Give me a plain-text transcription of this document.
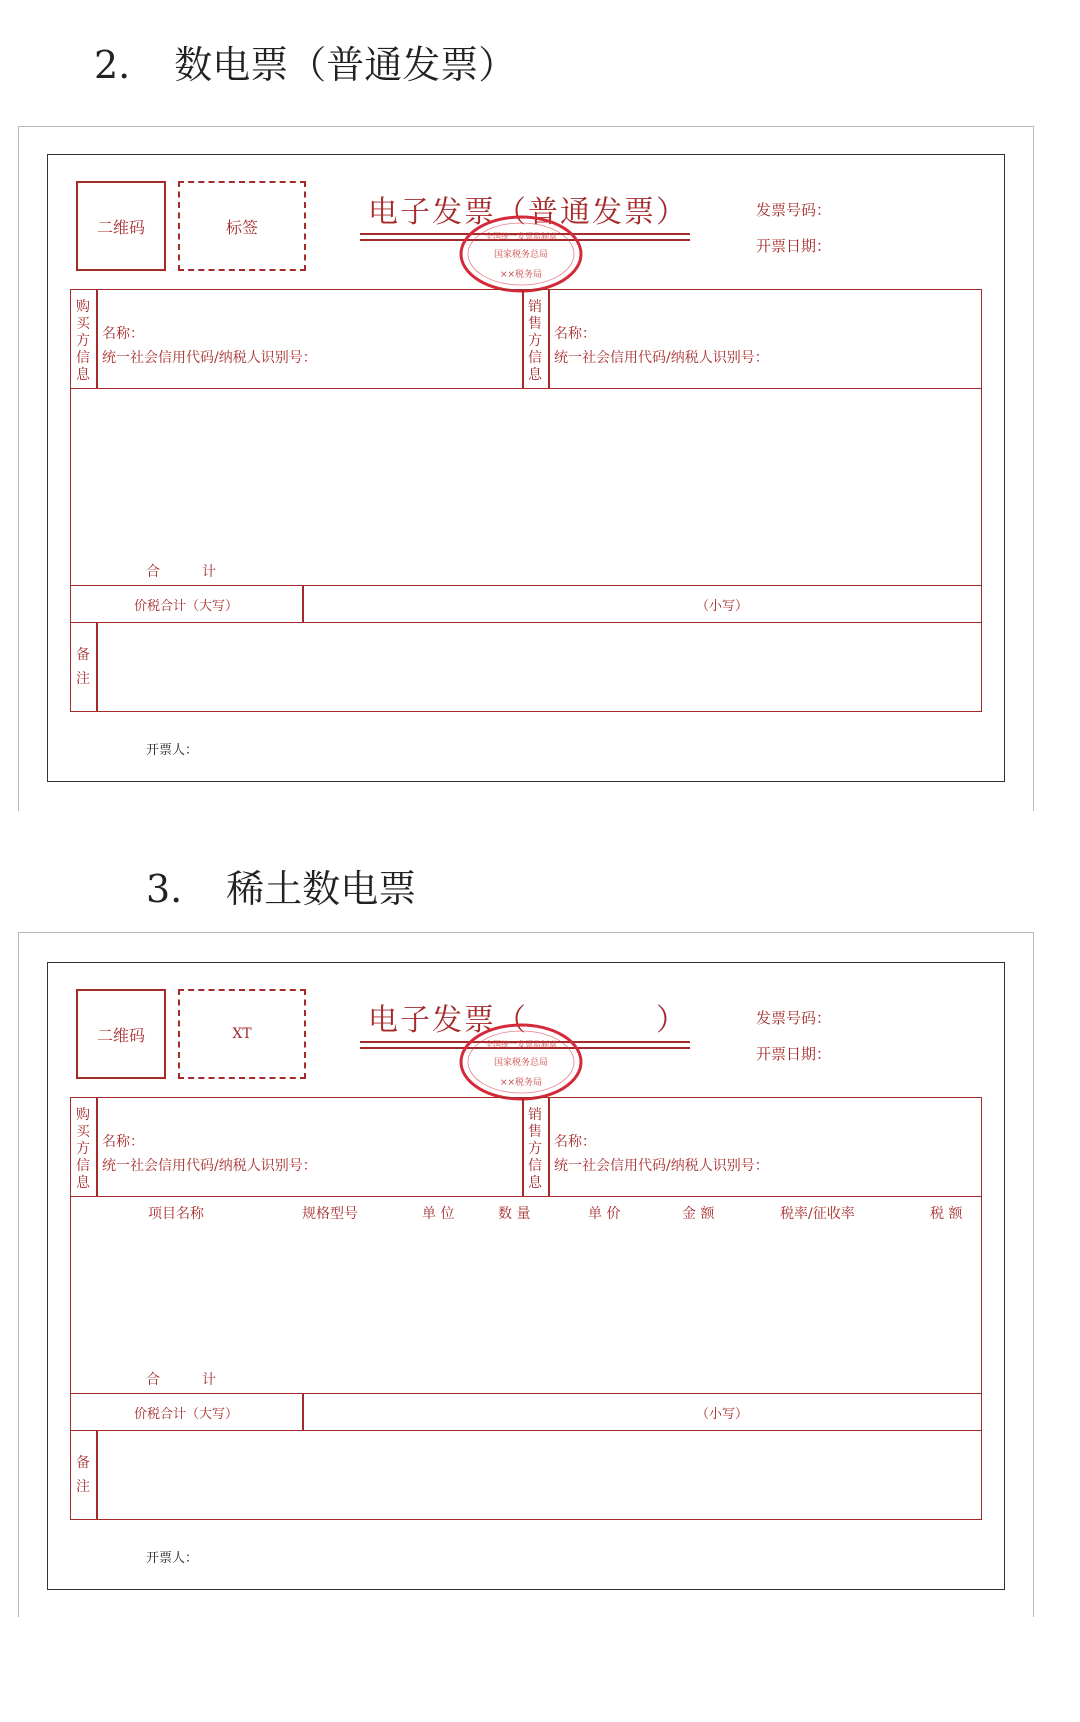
2. 数电票（普通发票）
二维码	标签	电子发票（普通发票）
全国统一发票监制章
国家税务总局
××税务局
发票号码：
开票日期：
购买方信息
销售方信息
名称：
统一社会信用代码/纳税人识别号：
名称：
统一社会信用代码/纳税人识别号：
合　　　计
价税合计（大写）	（小写）
备注
开票人：
3. 稀土数电票
二维码	XT	电子发票（　　　　）
全国统一发票监制章
国家税务总局
××税务局
发票号码：
开票日期：
购买方信息
销售方信息
名称：
统一社会信用代码/纳税人识别号：
名称：
统一社会信用代码/纳税人识别号：
项目名称	规格型号	单 位	数 量	单 价	金 额	税率/征收率	税 额
合　　　计
价税合计（大写）	（小写）
备注
开票人：
